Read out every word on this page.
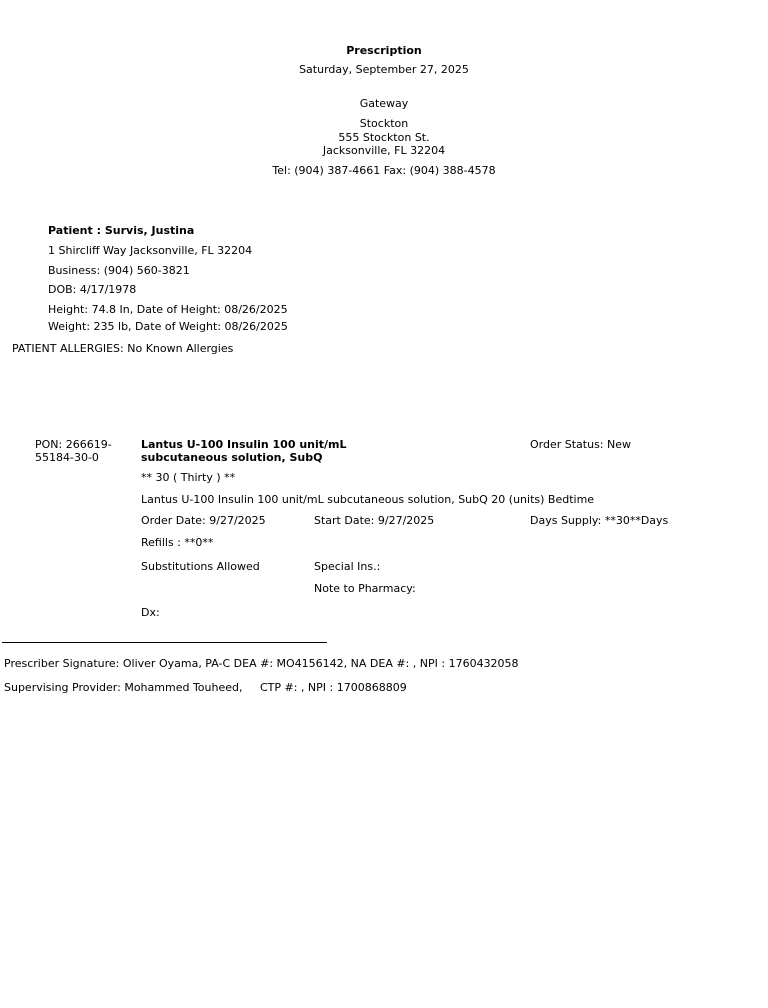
Prescription
Saturday, September 27, 2025
Gateway
Stockton
555 Stockton St.
Jacksonville, FL 32204
Tel: (904) 387-4661 Fax: (904) 388-4578
Patient : Survis, Justina
1 Shircliff Way Jacksonville, FL 32204
Business: (904) 560-3821
DOB: 4/17/1978
Height: 74.8 In, Date of Height: 08/26/2025
Weight: 235 lb, Date of Weight: 08/26/2025
PATIENT ALLERGIES: No Known Allergies
PON: 266619-55184-30-0
Lantus U-100 Insulin 100 unit/mL subcutaneous solution, SubQ
Order Status: New
** 30 ( Thirty ) **
Lantus U-100 Insulin 100 unit/mL subcutaneous solution, SubQ 20 (units) Bedtime
Order Date: 9/27/2025	Start Date: 9/27/2025	Days Supply: **30**Days
Refills : **0**
Substitutions Allowed	Special Ins.:
Note to Pharmacy:
Dx:
Prescriber Signature: Oliver Oyama, PA-C DEA #: MO4156142, NA DEA #: , NPI : 1760432058
Supervising Provider: Mohammed Touheed,     CTP #: , NPI : 1700868809
